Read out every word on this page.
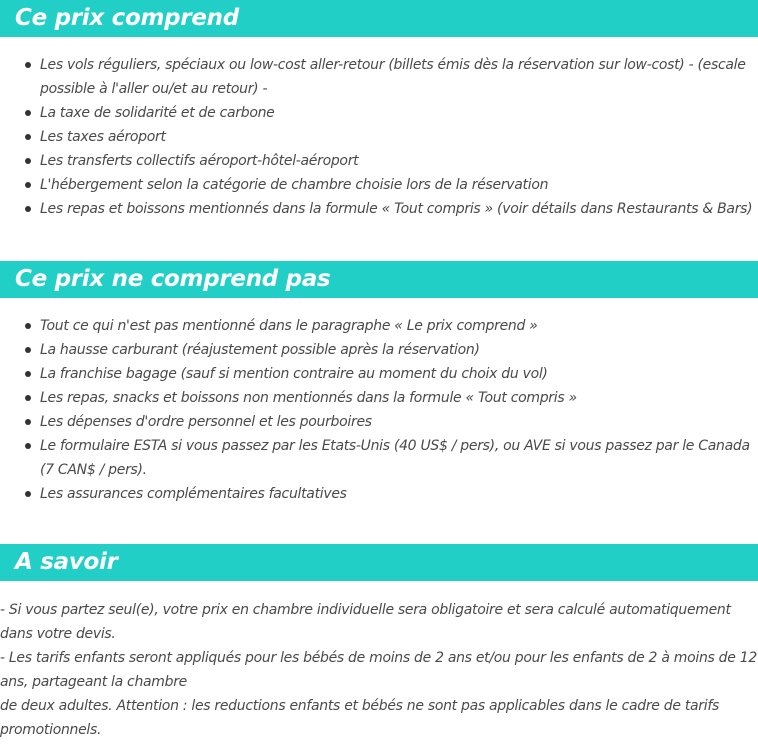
Ce prix comprend
Les vols réguliers, spéciaux ou low-cost aller-retour (billets émis dès la réservation sur low-cost) - (escale possible à l'aller ou/et au retour) -
La taxe de solidarité et de carbone
Les taxes aéroport
Les transferts collectifs aéroport-hôtel-aéroport
L'hébergement selon la catégorie de chambre choisie lors de la réservation
Les repas et boissons mentionnés dans la formule « Tout compris » (voir détails dans Restaurants & Bars)
Ce prix ne comprend pas
Tout ce qui n'est pas mentionné dans le paragraphe « Le prix comprend »
La hausse carburant (réajustement possible après la réservation)
La franchise bagage (sauf si mention contraire au moment du choix du vol)
Les repas, snacks et boissons non mentionnés dans la formule « Tout compris »
Les dépenses d'ordre personnel et les pourboires
Le formulaire ESTA si vous passez par les Etats-Unis (40 US$ / pers), ou AVE si vous passez par le Canada (7 CAN$ / pers).
Les assurances complémentaires facultatives
A savoir

- Si vous partez seul(e), votre prix en chambre individuelle sera obligatoire et sera calculé automatiquement dans votre devis.

- Les tarifs enfants seront appliqués pour les bébés de moins de 2 ans et/ou pour les enfants de 2 à moins de 12 ans, partageant la chambre

de deux adultes. Attention : les reductions enfants et bébés ne sont pas applicables dans le cadre de tarifs promotionnels.
